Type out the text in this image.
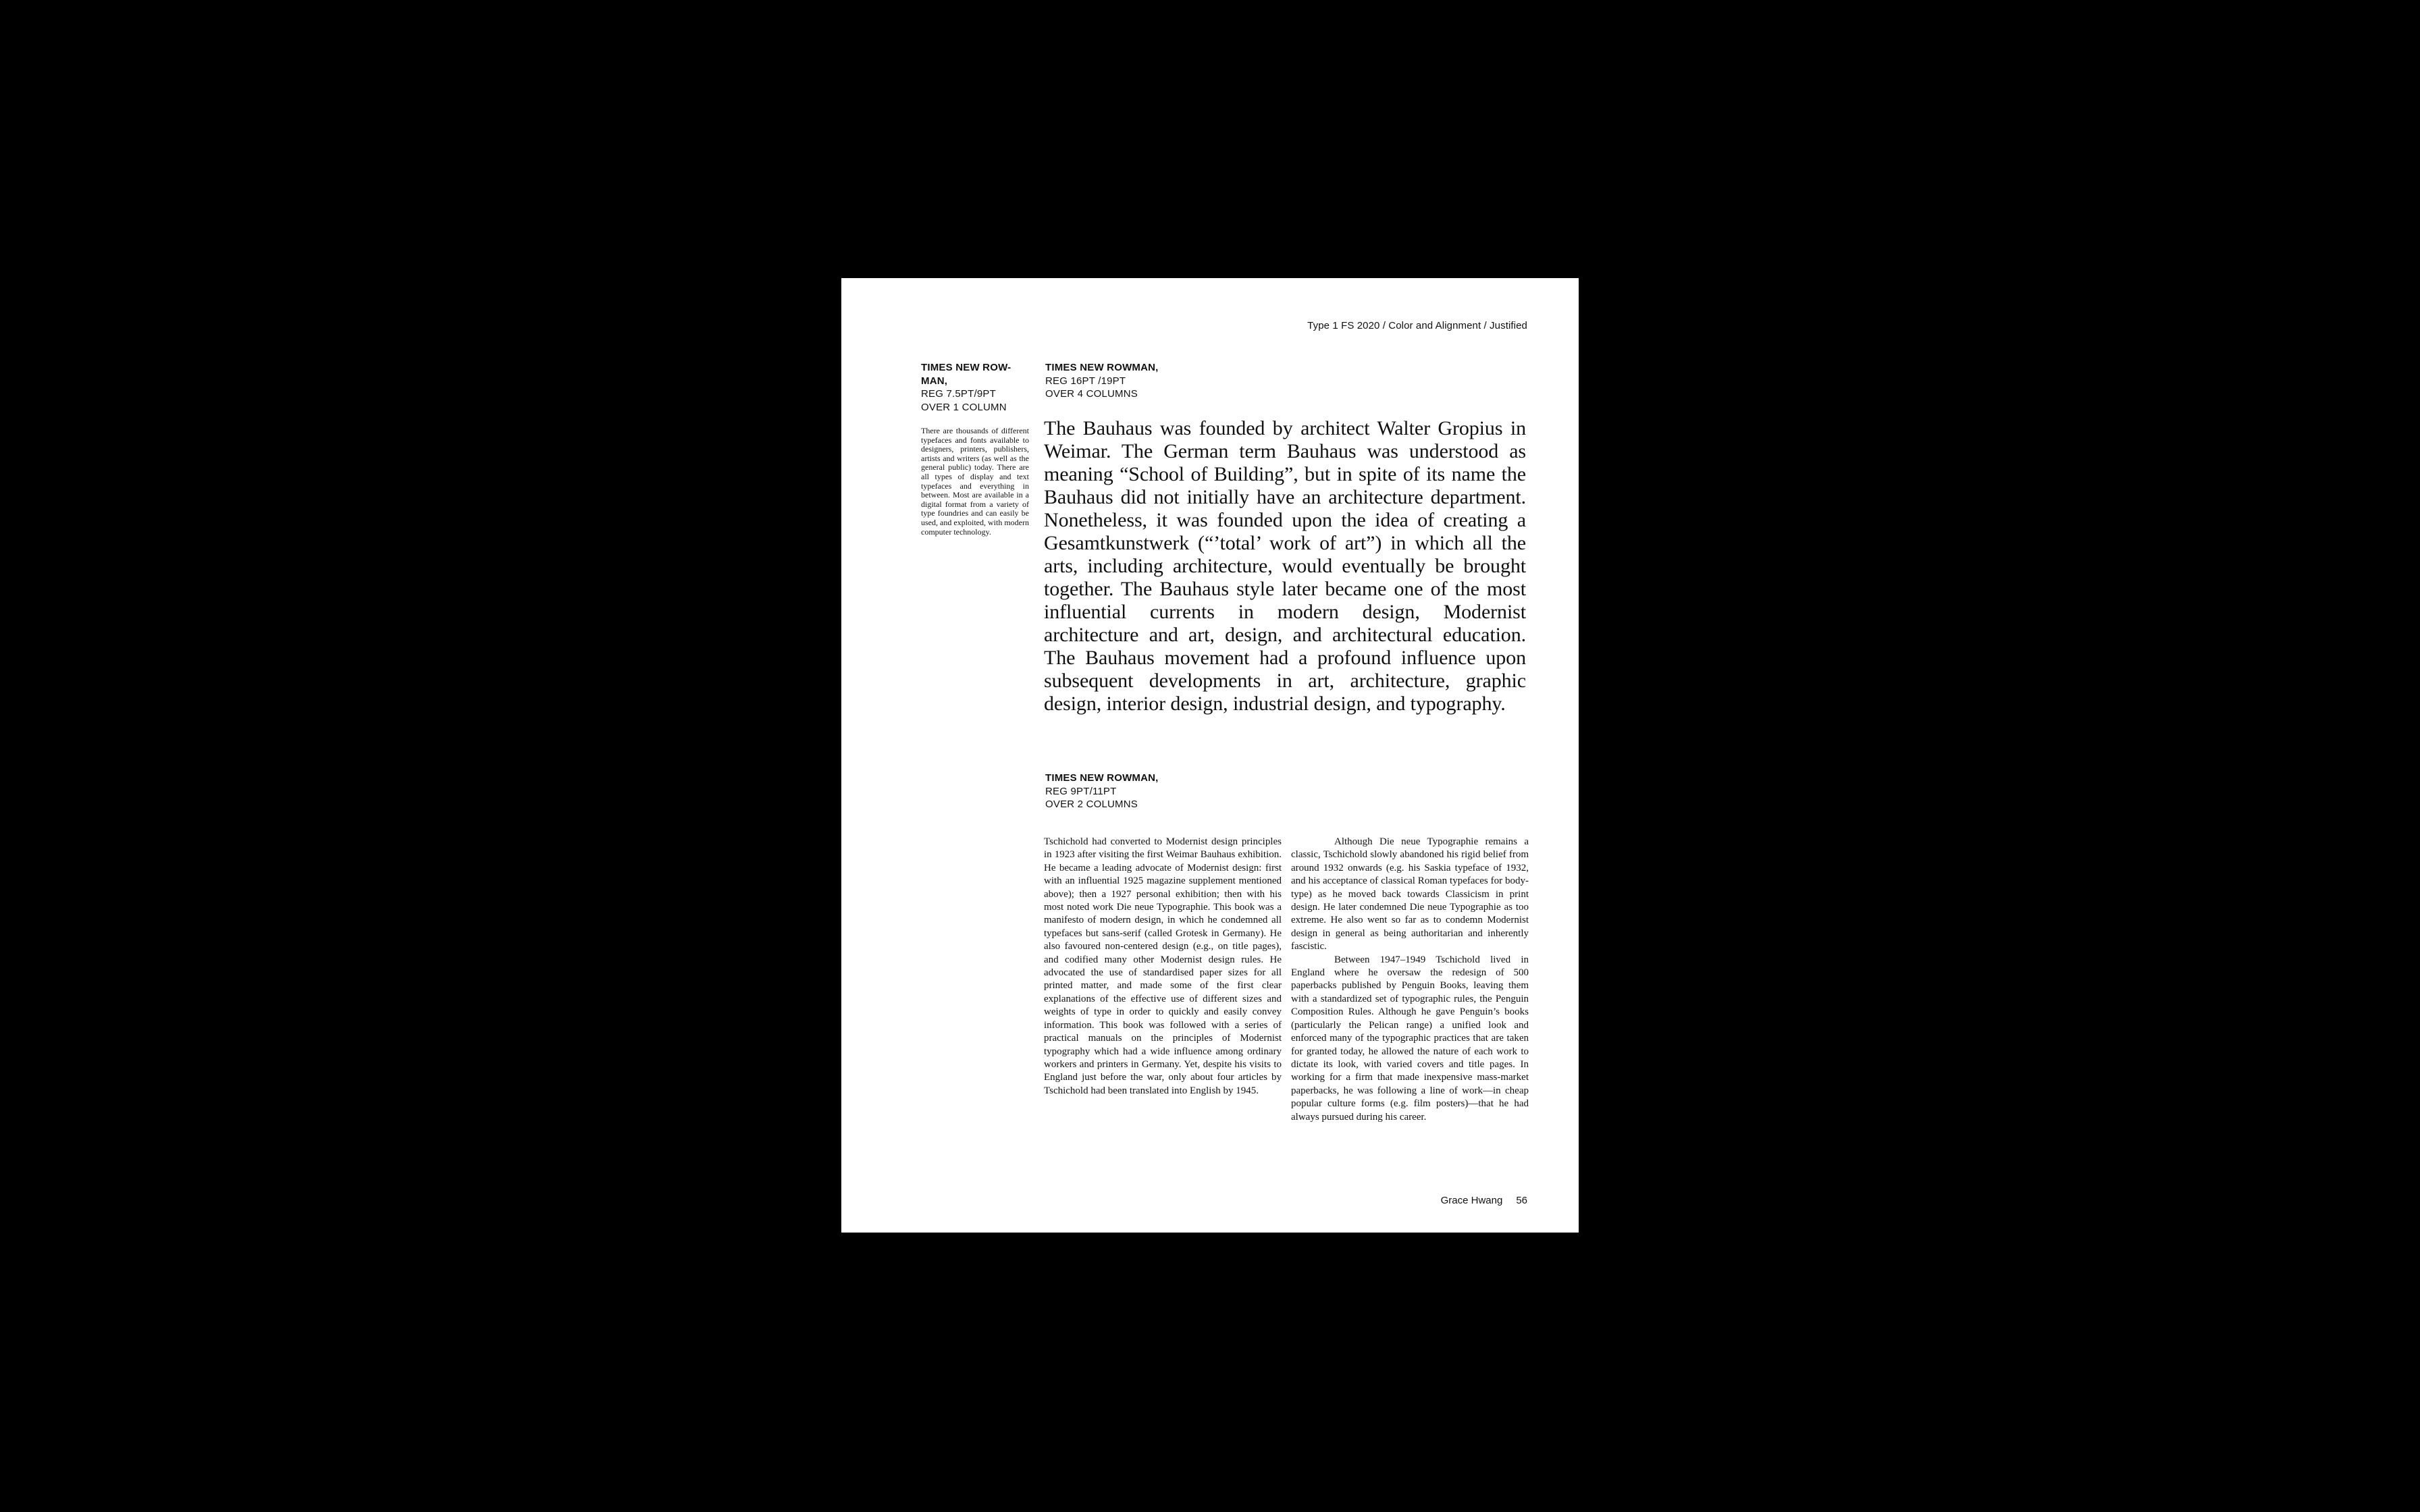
Type 1 FS 2020 / Color and Alignment / Justified
TIMES NEW ROW-MAN,
REG 7.5PT/9PT
OVER 1 COLUMN

There are thousands of different typefaces and fonts available to designers, printers, publishers, artists and writers (as well as the general public) today. There are all types of display and text typefaces and everything in between. Most are available in a digital format from a variety of type foundries and can easily be used, and exploited, with modern computer technology.

TIMES NEW ROWMAN,
REG 16PT /19PT
OVER 4 COLUMNS

The Bauhaus was founded by architect Walter Gropius in Weimar. The German term Bauhaus was understood as meaning “School of Building”, but in spite of its name the Bauhaus did not initially have an architecture department. Nonetheless, it was founded upon the idea of creating a Gesamtkunstwerk (“’total’ work of art”) in which all the arts, including architecture, would eventually be brought together. The Bauhaus style later became one of the most influential currents in modern design, Modernist architecture and art, design, and architectural education. The Bauhaus movement had a profound influence upon subsequent developments in art, architecture, graphic design, interior design, industrial design, and typography.

TIMES NEW ROWMAN,
REG 9PT/11PT
OVER 2 COLUMNS

Tschichold had converted to Modernist design principles in 1923 after visiting the first Weimar Bauhaus exhibition. He became a leading advocate of Modernist design: first with an influential 1925 magazine supplement mentioned above); then a 1927 personal exhibition; then with his most noted work Die neue Typographie. This book was a manifesto of modern design, in which he condemned all typefaces but sans-serif (called Grotesk in Germany). He also favoured non-centered design (e.g., on title pages), and codified many other Modernist design rules. He advocated the use of standardised paper sizes for all printed matter, and made some of the first clear explanations of the effective use of different sizes and weights of type in order to quickly and easily convey information. This book was followed with a series of practical manuals on the principles of Modernist typography which had a wide influence among ordinary workers and printers in Germany. Yet, despite his visits to England just before the war, only about four articles by Tschichold had been translated into English by 1945.

Although Die neue Typographie remains a classic, Tschichold slowly abandoned his rigid belief from around 1932 onwards (e.g. his Saskia typeface of 1932, and his acceptance of classical Roman typefaces for body-type) as he moved back towards Classicism in print design. He later condemned Die neue Typographie as too extreme. He also went so far as to condemn Modernist design in general as being authoritarian and inherently fascistic.

Between 1947–1949 Tschichold lived in England where he oversaw the redesign of 500 paperbacks published by Penguin Books, leaving them with a standardized set of typographic rules, the Penguin Composition Rules. Although he gave Penguin’s books (particularly the Pelican range) a unified look and enforced many of the typographic practices that are taken for granted today, he allowed the nature of each work to dictate its look, with varied covers and title pages. In working for a firm that made inexpensive mass-market paperbacks, he was following a line of work—in cheap popular culture forms (e.g. film posters)—that he had always pursued during his career.

Grace Hwang 56
